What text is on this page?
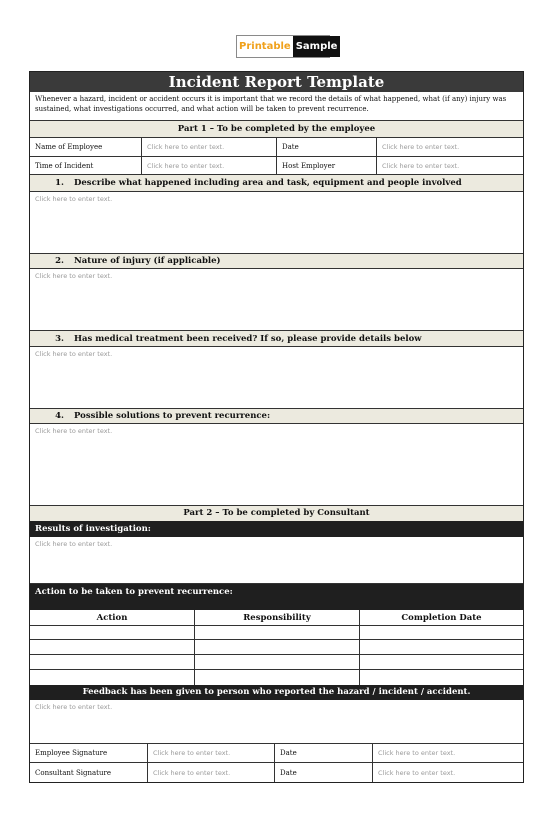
Printable Sample
Incident Report Template
Whenever a hazard, incident or accident occurs it is important that we record the details of what happened, what (if any) injury was sustained, what investigations occurred, and what action will be taken to prevent recurrence.
Part 1 – To be completed by the employee
Name of Employee	Click here to enter text.	Date	Click here to enter text.
Time of Incident	Click here to enter text.	Host Employer	Click here to enter text.
1. Describe what happened including area and task, equipment and people involved
Click here to enter text.
2. Nature of injury (if applicable)
Click here to enter text.
3. Has medical treatment been received? If so, please provide details below
Click here to enter text.
4. Possible solutions to prevent recurrence:
Click here to enter text.
Part 2 – To be completed by Consultant
Results of investigation:
Click here to enter text.
Action to be taken to prevent recurrence:
Action	Responsibility	Completion Date
Feedback has been given to person who reported the hazard / incident / accident.
Click here to enter text.
Employee Signature	Click here to enter text.	Date	Click here to enter text.
Consultant Signature	Click here to enter text.	Date	Click here to enter text.
